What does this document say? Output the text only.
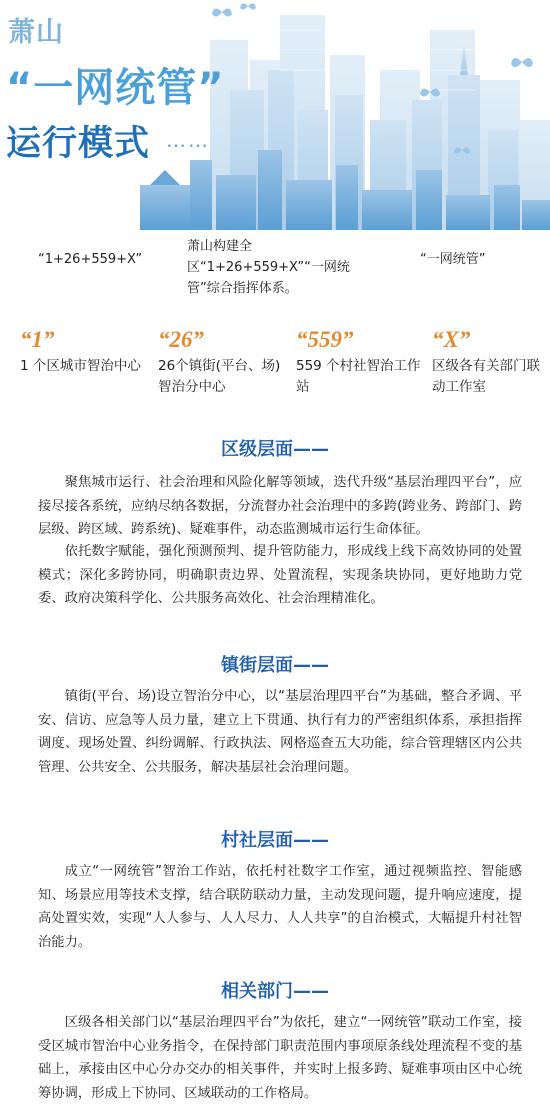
萧山
“一网统管”
运行模式 ……
“1+26+559+X”
萧山构建全区“1+26+559+X”“一网统管”综合指挥体系。
“一网统管”
“1”
1 个区城市智治中心
“26”
26个镇街(平台、场)智治分中心
“559”
559 个村社智治工作站
“X”
区级各有关部门联动工作室
区级层面——
聚焦城市运行、社会治理和风险化解等领域，迭代升级“基层治理四平台”，应接尽接各系统，应纳尽纳各数据，分流督办社会治理中的多跨(跨业务、跨部门、跨层级、跨区域、跨系统)、疑难事件，动态监测城市运行生命体征。
依托数字赋能，强化预测预判、提升管防能力，形成线上线下高效协同的处置模式；深化多跨协同，明确职责边界、处置流程，实现条块协同，更好地助力党委、政府决策科学化、公共服务高效化、社会治理精准化。
镇街层面——
镇街(平台、场)设立智治分中心，以“基层治理四平台”为基础，整合矛调、平安、信访、应急等人员力量，建立上下贯通、执行有力的严密组织体系，承担指挥调度、现场处置、纠纷调解、行政执法、网格巡查五大功能，综合管理辖区内公共管理、公共安全、公共服务，解决基层社会治理问题。
村社层面——
成立“一网统管”智治工作站，依托村社数字工作室，通过视频监控、智能感知、场景应用等技术支撑，结合联防联动力量，主动发现问题，提升响应速度，提高处置实效，实现“人人参与、人人尽力、人人共享”的自治模式，大幅提升村社智治能力。
相关部门——
区级各相关部门以“基层治理四平台”为依托，建立“一网统管”联动工作室，接受区城市智治中心业务指令，在保持部门职责范围内事项原条线处理流程不变的基础上，承接由区中心分办交办的相关事件，并实时上报多跨、疑难事项由区中心统筹协调，形成上下协同、区域联动的工作格局。
